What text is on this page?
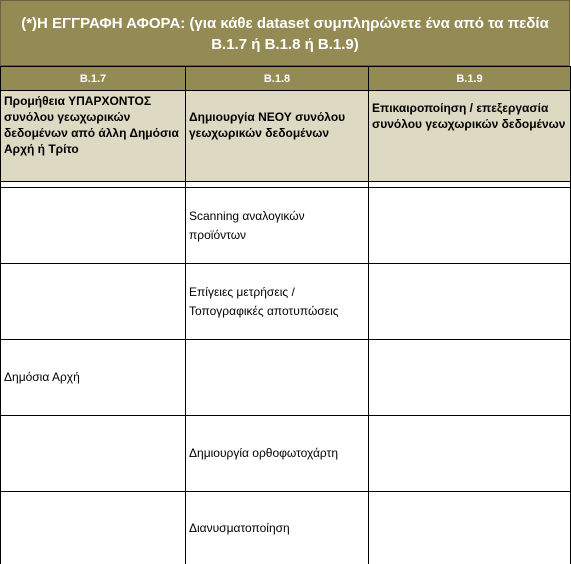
(*)Η ΕΓΓΡΑΦΗ ΑΦΟΡΑ: (για κάθε dataset συμπληρώνετε ένα από τα πεδία
Β.1.7 ή Β.1.8 ή Β.1.9)
B.1.7	B.1.8	B.1.9
Προμήθεια ΥΠΑΡΧΟΝΤΟΣ συνόλου γεωχωρικών δεδομένων από άλλη Δημόσια Αρχή ή Τρίτο	Δημιουργία ΝΕΟΥ συνόλου γεωχωρικών δεδομένων	Επικαιροποίηση / επεξεργασία συνόλου γεωχωρικών δεδομένων

	Scanning αναλογικών προϊόντων	
	Επίγειες μετρήσεις / Τοπογραφικές αποτυπώσεις	
Δημόσια Αρχή		
	Δημιουργία ορθοφωτοχάρτη	
	Διανυσματοποίηση	
